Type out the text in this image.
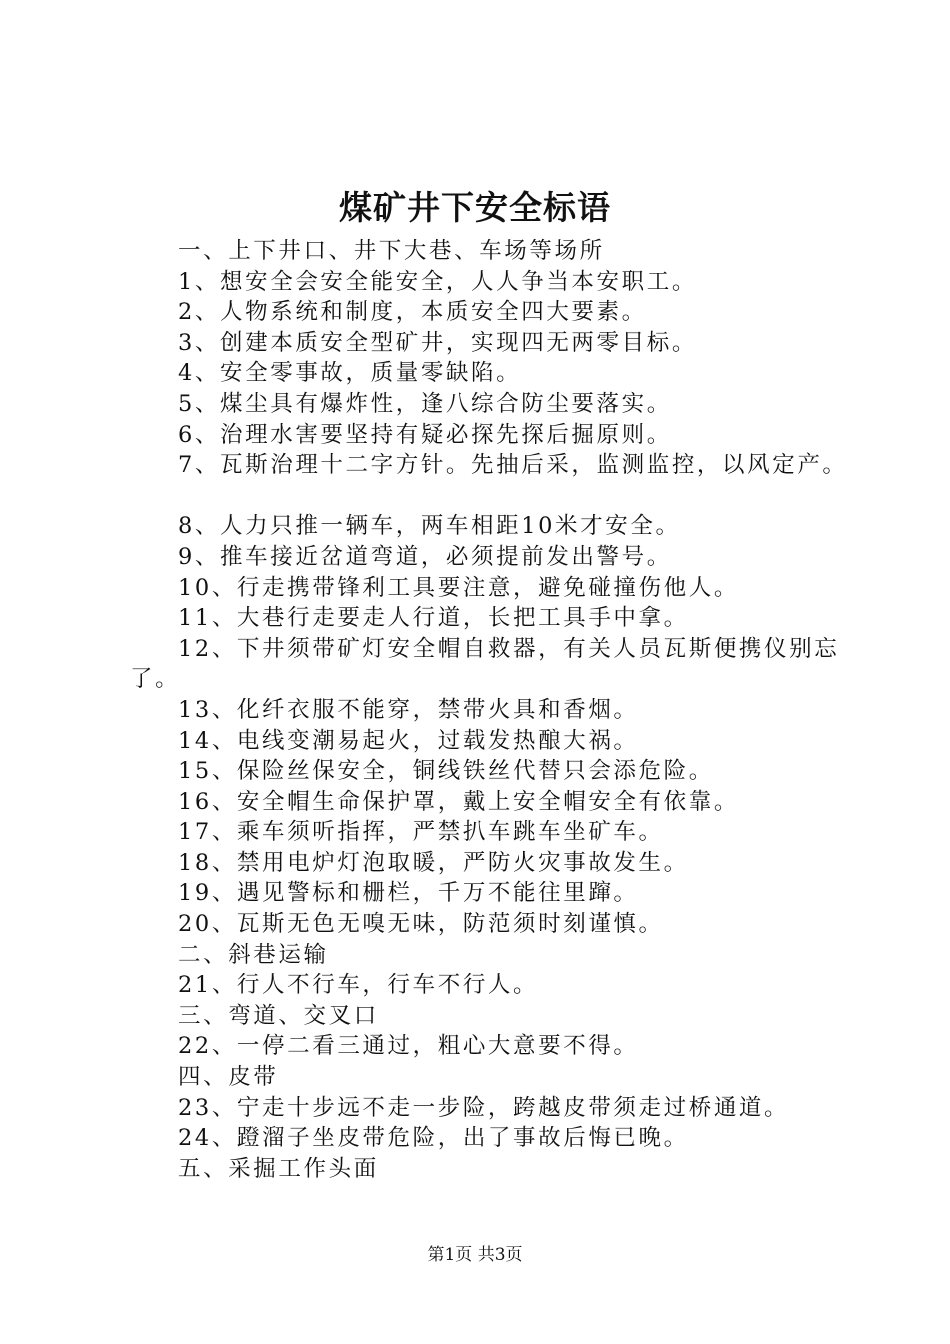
煤矿井下安全标语
一、上下井口、井下大巷、车场等场所
1、想安全会安全能安全，人人争当本安职工。
2、人物系统和制度，本质安全四大要素。
3、创建本质安全型矿井，实现四无两零目标。
4、安全零事故，质量零缺陷。
5、煤尘具有爆炸性，逢八综合防尘要落实。
6、治理水害要坚持有疑必探先探后掘原则。
7、瓦斯治理十二字方针。先抽后采，监测监控，以风定产。
8、人力只推一辆车，两车相距10米才安全。
9、推车接近岔道弯道，必须提前发出警号。
10、行走携带锋利工具要注意，避免碰撞伤他人。
11、大巷行走要走人行道，长把工具手中拿。
12、下井须带矿灯安全帽自救器，有关人员瓦斯便携仪别忘了。
13、化纤衣服不能穿，禁带火具和香烟。
14、电线变潮易起火，过载发热酿大祸。
15、保险丝保安全，铜线铁丝代替只会添危险。
16、安全帽生命保护罩，戴上安全帽安全有依靠。
17、乘车须听指挥，严禁扒车跳车坐矿车。
18、禁用电炉灯泡取暖，严防火灾事故发生。
19、遇见警标和栅栏，千万不能往里蹿。
20、瓦斯无色无嗅无味，防范须时刻谨慎。
二、斜巷运输
21、行人不行车，行车不行人。
三、弯道、交叉口
22、一停二看三通过，粗心大意要不得。
四、皮带
23、宁走十步远不走一步险，跨越皮带须走过桥通道。
24、蹬溜子坐皮带危险，出了事故后悔已晚。
五、采掘工作头面
第1页 共3页
